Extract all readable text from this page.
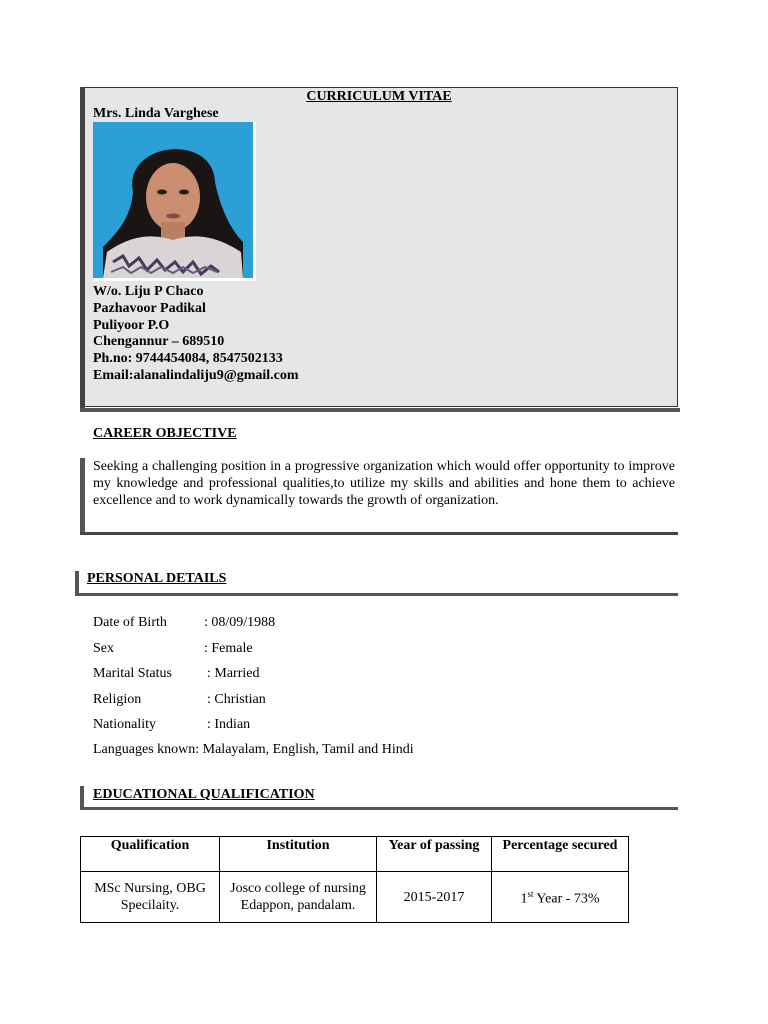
CURRICULUM VITAE
Mrs. Linda Varghese
W/o. Liju P Chaco
Pazhavoor Padikal
Puliyoor P.O
Chengannur – 689510
Ph.no: 9744454084, 8547502133
Email:alanalindaliju9@gmail.com
CAREER OBJECTIVE
Seeking a challenging position in a progressive organization which would offer opportunity to improve my knowledge and professional qualities,to utilize my skills and abilities and hone them to achieve excellence and to work dynamically towards the growth of organization.
PERSONAL DETAILS
Date of Birth	: 08/09/1988
Sex	: Female
Marital Status	: Married
Religion	: Christian
Nationality	: Indian
Languages known: Malayalam, English, Tamil and Hindi
EDUCATIONAL QUALIFICATION
Qualification	Institution	Year of passing	Percentage secured
MSc Nursing, OBG Specilaity.	Josco college of nursing Edappon, pandalam.	2015-2017	1st Year - 73%
